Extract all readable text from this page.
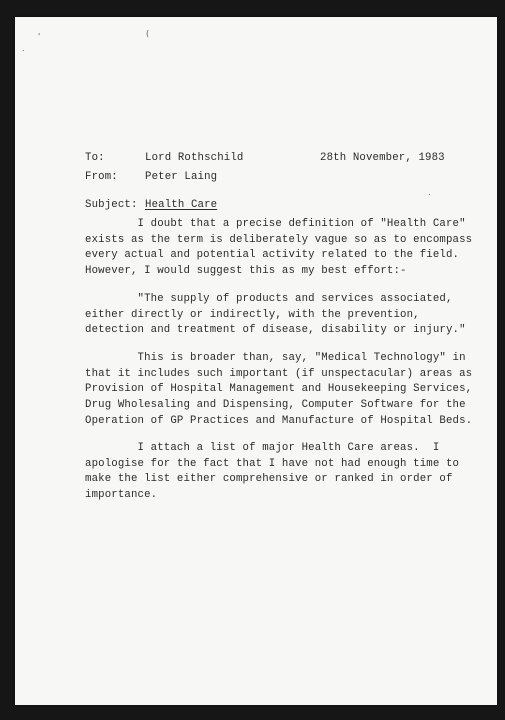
'	(
.
.
To:	Lord Rothschild	28th November, 1983
From:	Peter Laing
Subject: Health Care
I doubt that a precise definition of "Health Care"
exists as the term is deliberately vague so as to encompass
every actual and potential activity related to the field.
However, I would suggest this as my best effort:-
"The supply of products and services associated,
either directly or indirectly, with the prevention,
detection and treatment of disease, disability or injury."
This is broader than, say, "Medical Technology" in
that it includes such important (if unspectacular) areas as
Provision of Hospital Management and Housekeeping Services,
Drug Wholesaling and Dispensing, Computer Software for the
Operation of GP Practices and Manufacture of Hospital Beds.
I attach a list of major Health Care areas.  I
apologise for the fact that I have not had enough time to
make the list either comprehensive or ranked in order of
importance.
